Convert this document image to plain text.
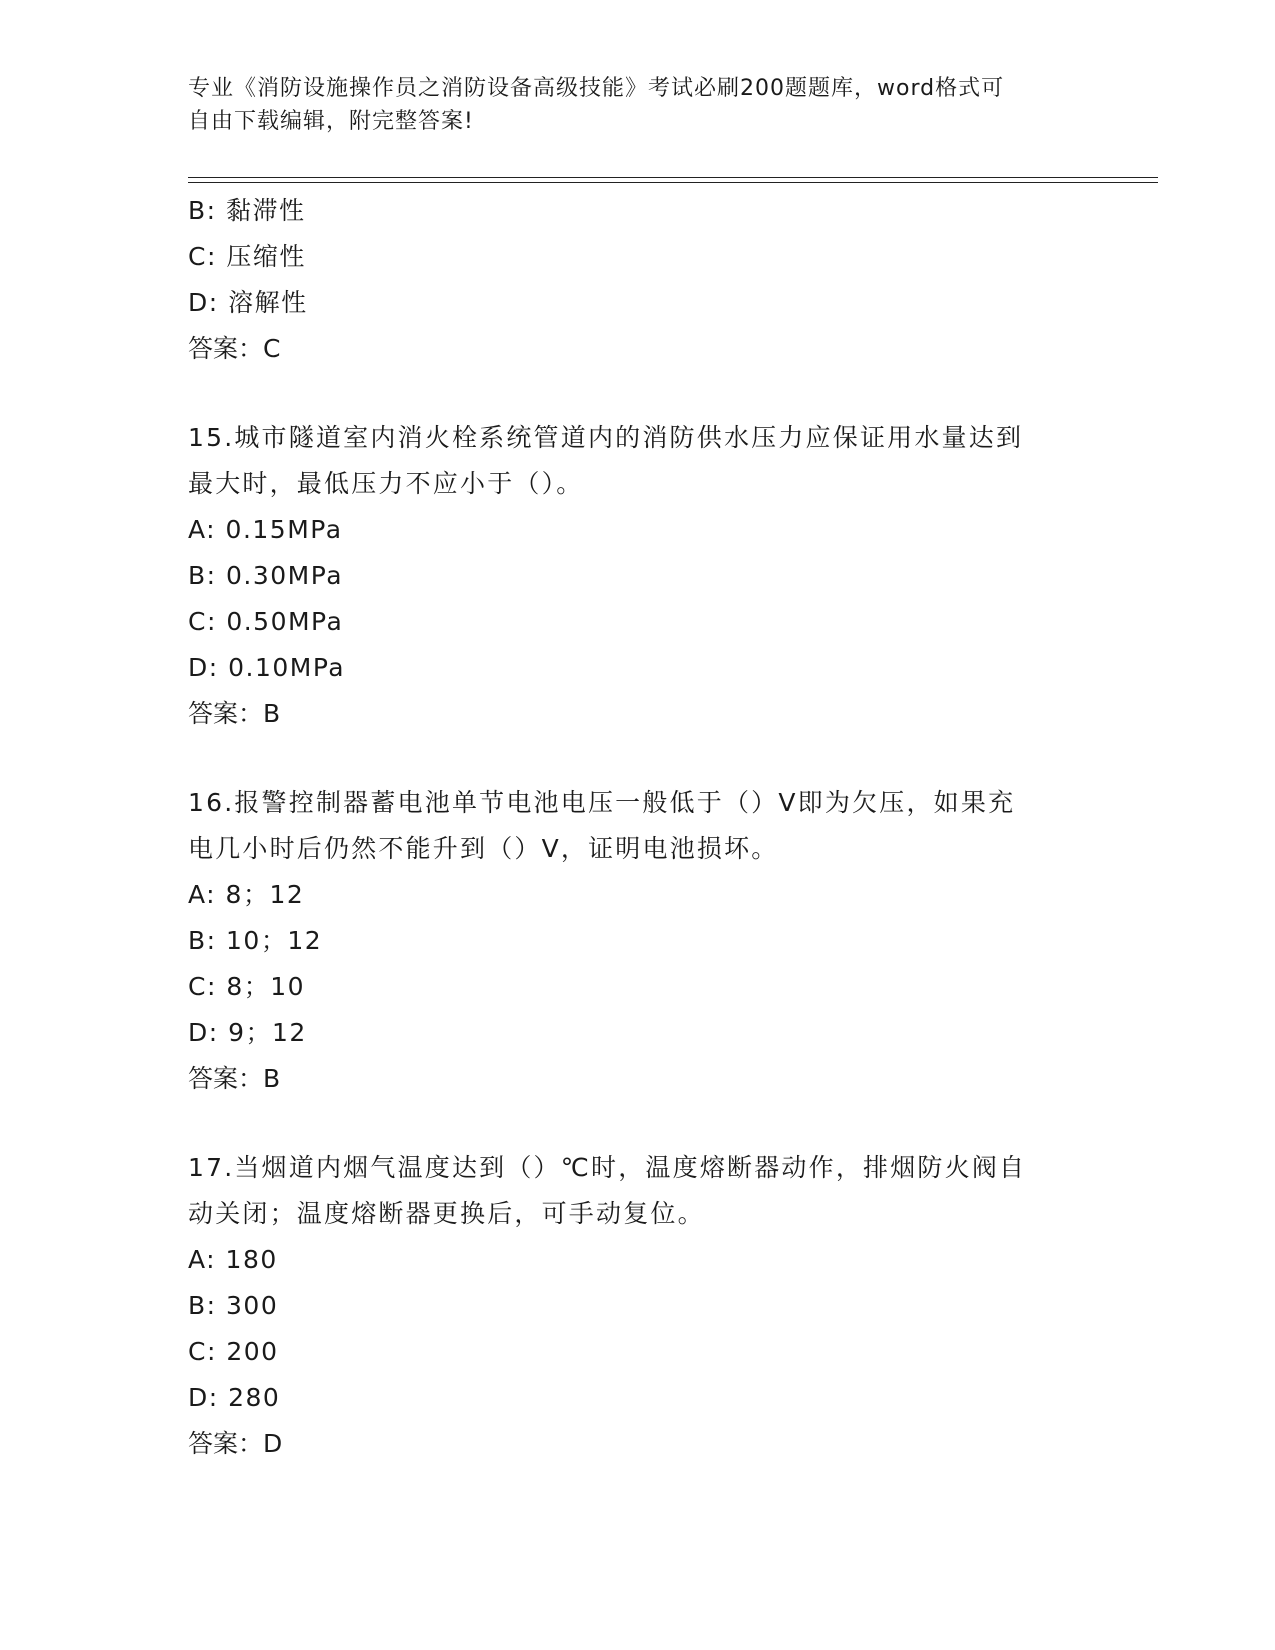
专业《消防设施操作员之消防设备高级技能》考试必刷200题题库，word格式可
自由下载编辑，附完整答案!
B: 黏滞性
C: 压缩性
D: 溶解性
答案：C
15.城市隧道室内消火栓系统管道内的消防供水压力应保证用水量达到
最大时，最低压力不应小于（）。
A: 0.15MPa
B: 0.30MPa
C: 0.50MPa
D: 0.10MPa
答案：B
16.报警控制器蓄电池单节电池电压一般低于（）V即为欠压，如果充
电几小时后仍然不能升到（）V，证明电池损坏。
A: 8；12
B: 10；12
C: 8；10
D: 9；12
答案：B
17.当烟道内烟气温度达到（）℃时，温度熔断器动作，排烟防火阀自
动关闭；温度熔断器更换后，可手动复位。
A: 180
B: 300
C: 200
D: 280
答案：D
